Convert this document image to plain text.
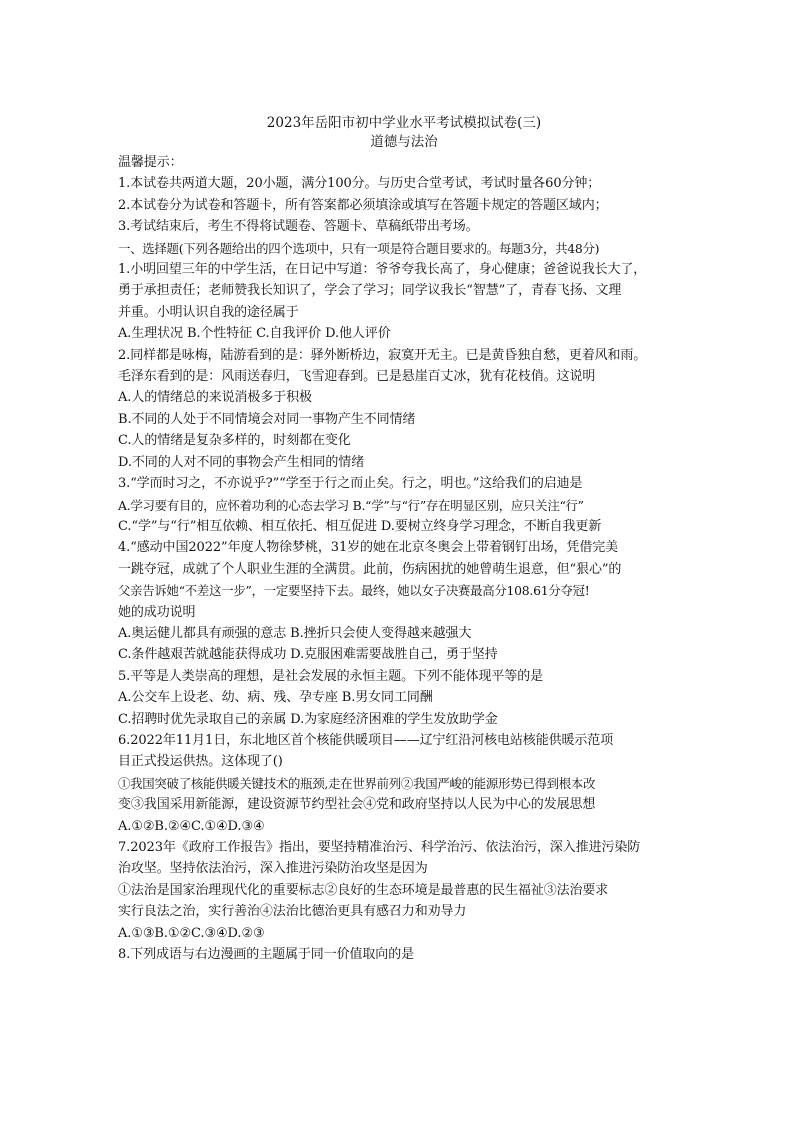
2023年岳阳市初中学业水平考试模拟试卷(三)
道德与法治
温馨提示：
1.本试卷共两道大题，20小题，满分100分。与历史合堂考试，考试时量各60分钟；
2.本试卷分为试卷和答题卡，所有答案都必须填涂或填写在答题卡规定的答题区域内；
3.考试结束后，考生不得将试题卷、答题卡、草稿纸带出考场。
一、选择题(下列各题给出的四个选项中，只有一项是符合题目要求的。每题3分，共48分)
1.小明回望三年的中学生活，在日记中写道：爷爷夸我长高了，身心健康；爸爸说我长大了，
勇于承担责任；老师赞我长知识了，学会了学习；同学议我长“智慧”了，青春飞扬、文理
并重。小明认识自我的途径属于
A.生理状况 B.个性特征 C.自我评价 D.他人评价
2.同样都是咏梅，陆游看到的是：驿外断桥边，寂寞开无主。已是黄昏独自愁，更着风和雨。
毛泽东看到的是：风雨送春归，飞雪迎春到。已是悬崖百丈冰，犹有花枝俏。这说明
A.人的情绪总的来说消极多于积极
B.不同的人处于不同情境会对同一事物产生不同情绪
C.人的情绪是复杂多样的，时刻都在变化
D.不同的人对不同的事物会产生相同的情绪
3.“学而时习之，不亦说乎?”“学至于行之而止矣。行之，明也。”这给我们的启迪是
A.学习要有目的，应怀着功利的心态去学习 B.“学”与“行”存在明显区别，应只关注“行”
C.“学”与“行”相互依赖、相互依托、相互促进 D.要树立终身学习理念，不断自我更新
4.“感动中国2022”年度人物徐梦桃，31岁的她在北京冬奥会上带着钢钉出场，凭借完美
一跳夺冠，成就了个人职业生涯的全满贯。此前，伤病困扰的她曾萌生退意，但“狠心”的
父亲告诉她“不差这一步”，一定要坚持下去。最终，她以女子决赛最高分108.61分夺冠!
她的成功说明
A.奥运健儿都具有顽强的意志 B.挫折只会使人变得越来越强大
C.条件越艰苦就越能获得成功 D.克服困难需要战胜自己，勇于坚持
5.平等是人类崇高的理想，是社会发展的永恒主题。下列不能体现平等的是
A.公交车上设老、幼、病、残、孕专座 B.男女同工同酬
C.招聘时优先录取自己的亲属 D.为家庭经济困难的学生发放助学金
6.2022年11月1日，东北地区首个核能供暖项目——辽宁红沿河核电站核能供暖示范项
目正式投运供热。这体现了()
①我国突破了核能供暖关键技术的瓶颈,走在世界前列②我国严峻的能源形势已得到根本改
变③我国采用新能源，建设资源节约型社会④党和政府坚持以人民为中心的发展思想
A.①②B.②④C.①④D.③④
7.2023年《政府工作报告》指出，要坚持精准治污、科学治污、依法治污，深入推进污染防
治攻坚。坚持依法治污，深入推进污染防治攻坚是因为
①法治是国家治理现代化的重要标志②良好的生态环境是最普惠的民生福祉③法治要求
实行良法之治，实行善治④法治比德治更具有感召力和劝导力
A.①③B.①②C.③④D.②③
8.下列成语与右边漫画的主题属于同一价值取向的是
